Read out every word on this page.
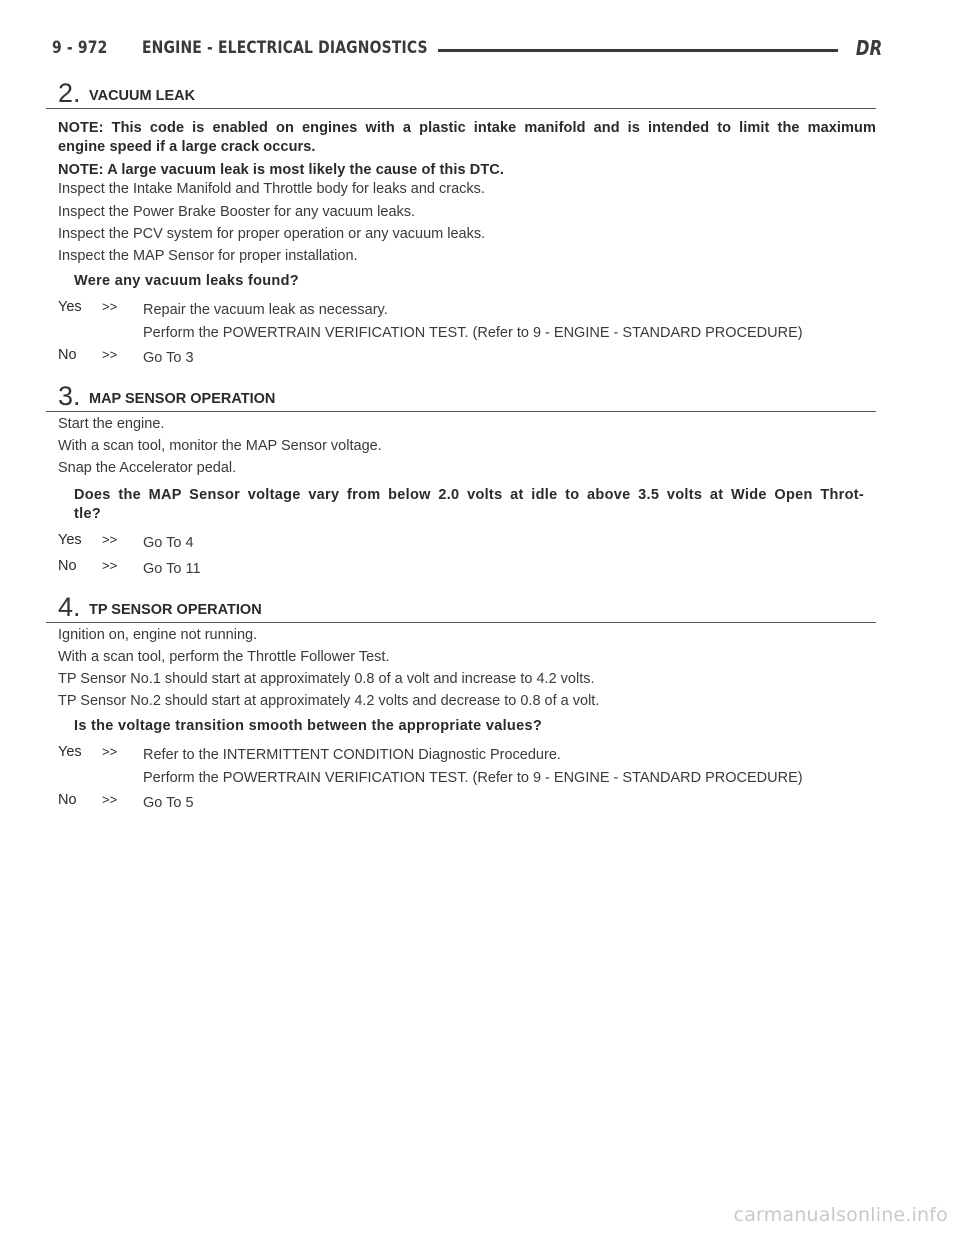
9 - 972 ENGINE - ELECTRICAL DIAGNOSTICS	DR
2. VACUUM LEAK
NOTE: This code is enabled on engines with a plastic intake manifold and is intended to limit the maximum
engine speed if a large crack occurs.
NOTE: A large vacuum leak is most likely the cause of this DTC.
Inspect the Intake Manifold and Throttle body for leaks and cracks.
Inspect the Power Brake Booster for any vacuum leaks.
Inspect the PCV system for proper operation or any vacuum leaks.
Inspect the MAP Sensor for proper installation.
Were any vacuum leaks found?
Yes >> Repair the vacuum leak as necessary.
Perform the POWERTRAIN VERIFICATION TEST. (Refer to 9 - ENGINE - STANDARD PROCEDURE)
No >> Go To 3
3. MAP SENSOR OPERATION
Start the engine.
With a scan tool, monitor the MAP Sensor voltage.
Snap the Accelerator pedal.
Does the MAP Sensor voltage vary from below 2.0 volts at idle to above 3.5 volts at Wide Open Throt-
tle?
Yes >> Go To 4
No >> Go To 11
4. TP SENSOR OPERATION
Ignition on, engine not running.
With a scan tool, perform the Throttle Follower Test.
TP Sensor No.1 should start at approximately 0.8 of a volt and increase to 4.2 volts.
TP Sensor No.2 should start at approximately 4.2 volts and decrease to 0.8 of a volt.
Is the voltage transition smooth between the appropriate values?
Yes >> Refer to the INTERMITTENT CONDITION Diagnostic Procedure.
Perform the POWERTRAIN VERIFICATION TEST. (Refer to 9 - ENGINE - STANDARD PROCEDURE)
No >> Go To 5
carmanualsonline.info
